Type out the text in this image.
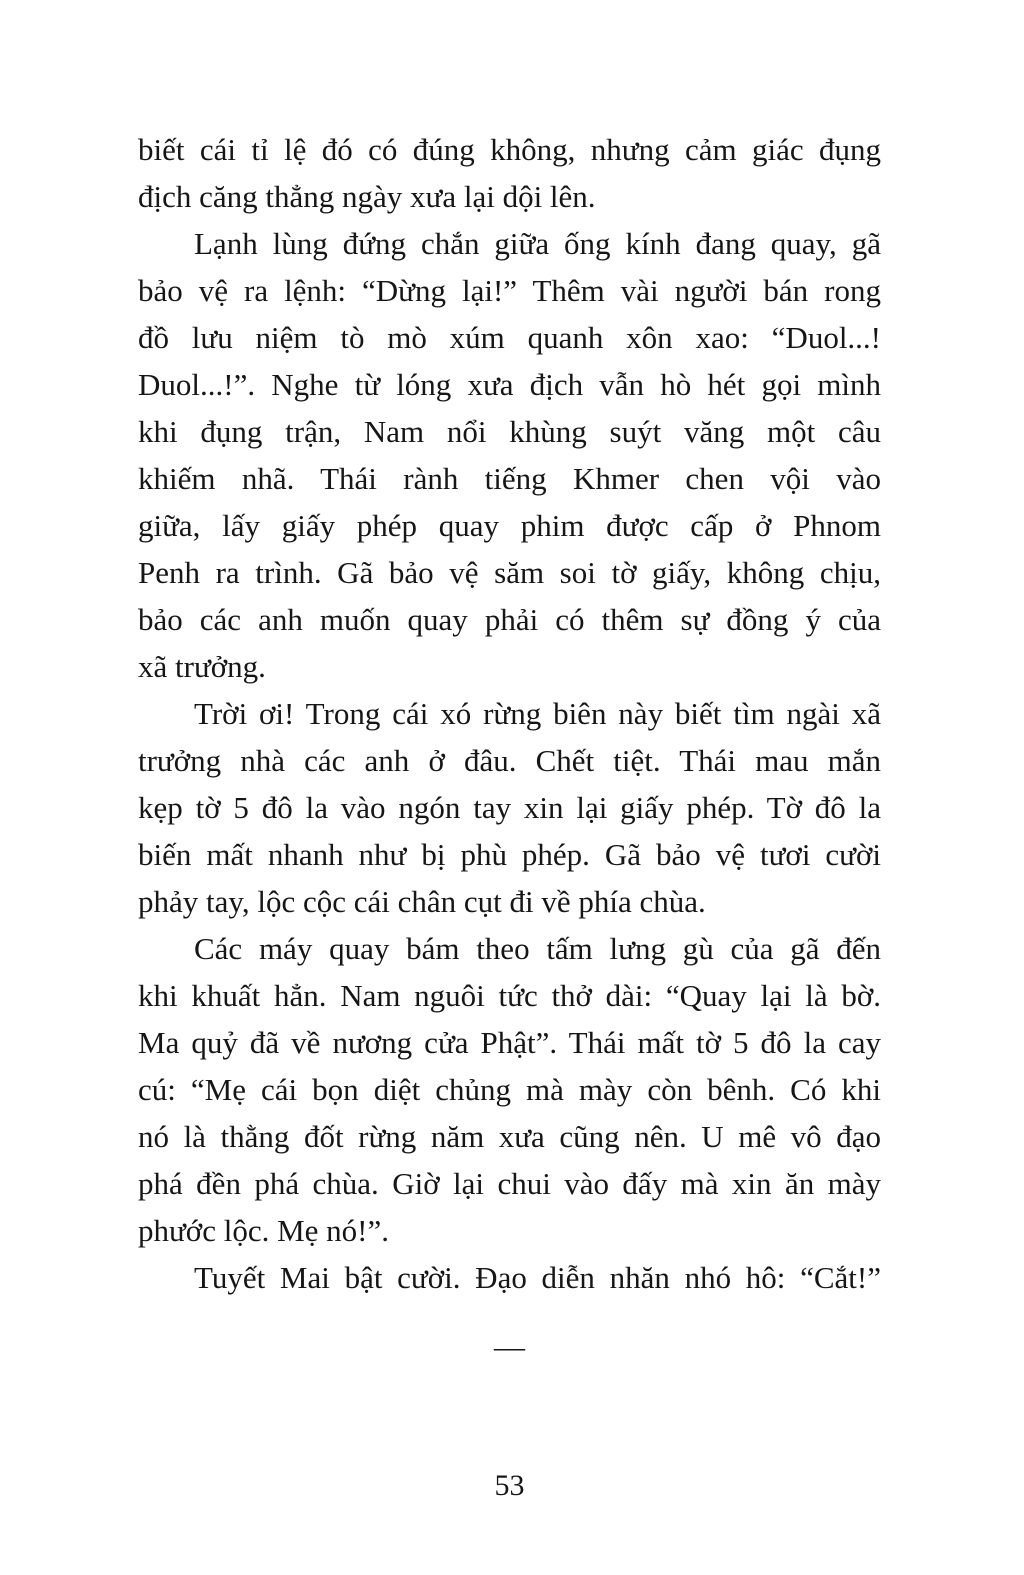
biết cái tỉ lệ đó có đúng không, nhưng cảm giác đụng
địch căng thẳng ngày xưa lại dội lên.
Lạnh lùng đứng chắn giữa ống kính đang quay, gã
bảo vệ ra lệnh: “Dừng lại!” Thêm vài người bán rong
đồ lưu niệm tò mò xúm quanh xôn xao: “Duol...!
Duol...!”. Nghe từ lóng xưa địch vẫn hò hét gọi mình
khi đụng trận, Nam nổi khùng suýt văng một câu
khiếm nhã. Thái rành tiếng Khmer chen vội vào
giữa, lấy giấy phép quay phim được cấp ở Phnom
Penh ra trình. Gã bảo vệ săm soi tờ giấy, không chịu,
bảo các anh muốn quay phải có thêm sự đồng ý của
xã trưởng.
Trời ơi! Trong cái xó rừng biên này biết tìm ngài xã
trưởng nhà các anh ở đâu. Chết tiệt. Thái mau mắn
kẹp tờ 5 đô la vào ngón tay xin lại giấy phép. Tờ đô la
biến mất nhanh như bị phù phép. Gã bảo vệ tươi cười
phảy tay, lộc cộc cái chân cụt đi về phía chùa.
Các máy quay bám theo tấm lưng gù của gã đến
khi khuất hẳn. Nam nguôi tức thở dài: “Quay lại là bờ.
Ma quỷ đã về nương cửa Phật”. Thái mất tờ 5 đô la cay
cú: “Mẹ cái bọn diệt chủng mà mày còn bênh. Có khi
nó là thằng đốt rừng năm xưa cũng nên. U mê vô đạo
phá đền phá chùa. Giờ lại chui vào đấy mà xin ăn mày
phước lộc. Mẹ nó!”.
Tuyết Mai bật cười. Đạo diễn nhăn nhó hô: “Cắt!”
—
53
